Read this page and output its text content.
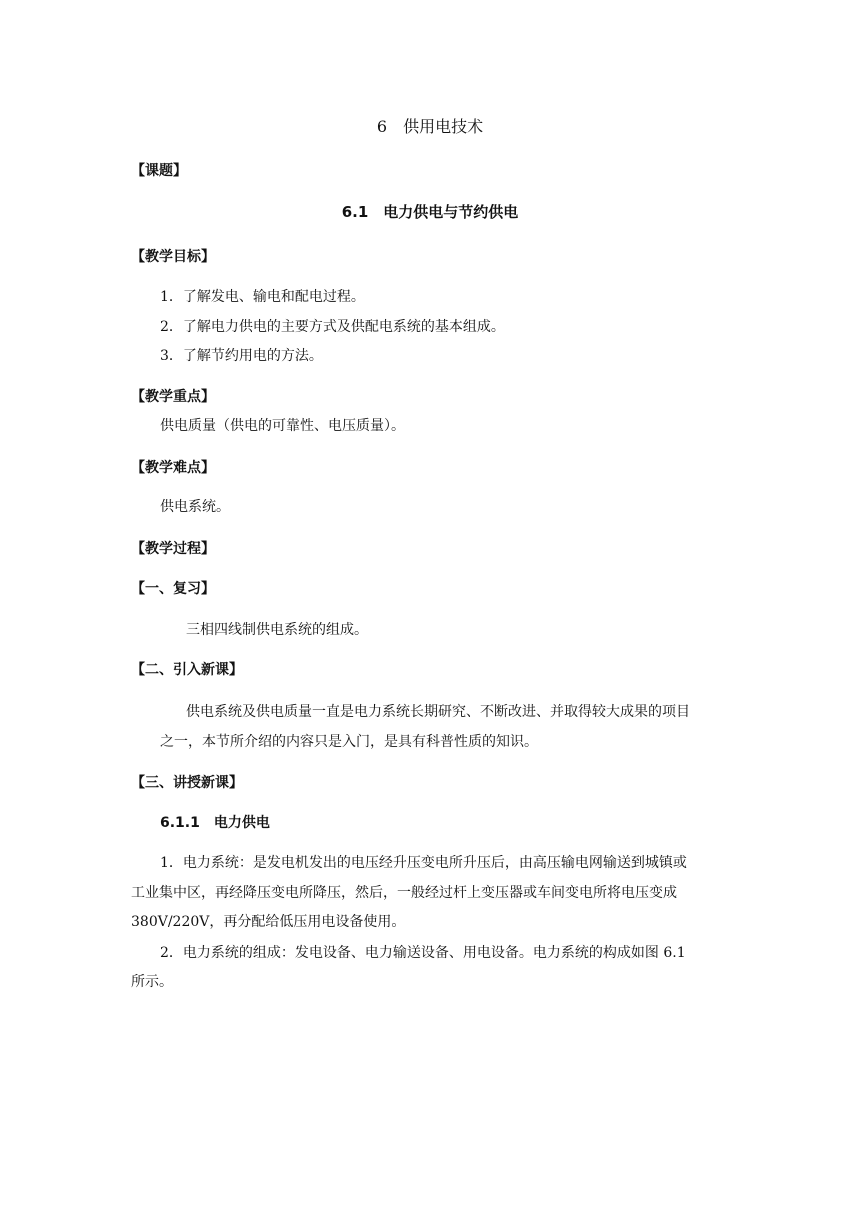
6　供用电技术
【课题】
6.1　电力供电与节约供电
【教学目标】
1．了解发电、输电和配电过程。
2．了解电力供电的主要方式及供配电系统的基本组成。
3．了解节约用电的方法。
【教学重点】
供电质量（供电的可靠性、电压质量）。
【教学难点】
供电系统。
【教学过程】
【一、复习】
三相四线制供电系统的组成。
【二、引入新课】
供电系统及供电质量一直是电力系统长期研究、不断改进、并取得较大成果的项目
之一，本节所介绍的内容只是入门，是具有科普性质的知识。
【三、讲授新课】
6.1.1　电力供电
1．电力系统：是发电机发出的电压经升压变电所升压后，由高压输电网输送到城镇或
工业集中区，再经降压变电所降压，然后，一般经过杆上变压器或车间变电所将电压变成
380V/220V，再分配给低压用电设备使用。
2．电力系统的组成：发电设备、电力输送设备、用电设备。电力系统的构成如图 6.1
所示。
